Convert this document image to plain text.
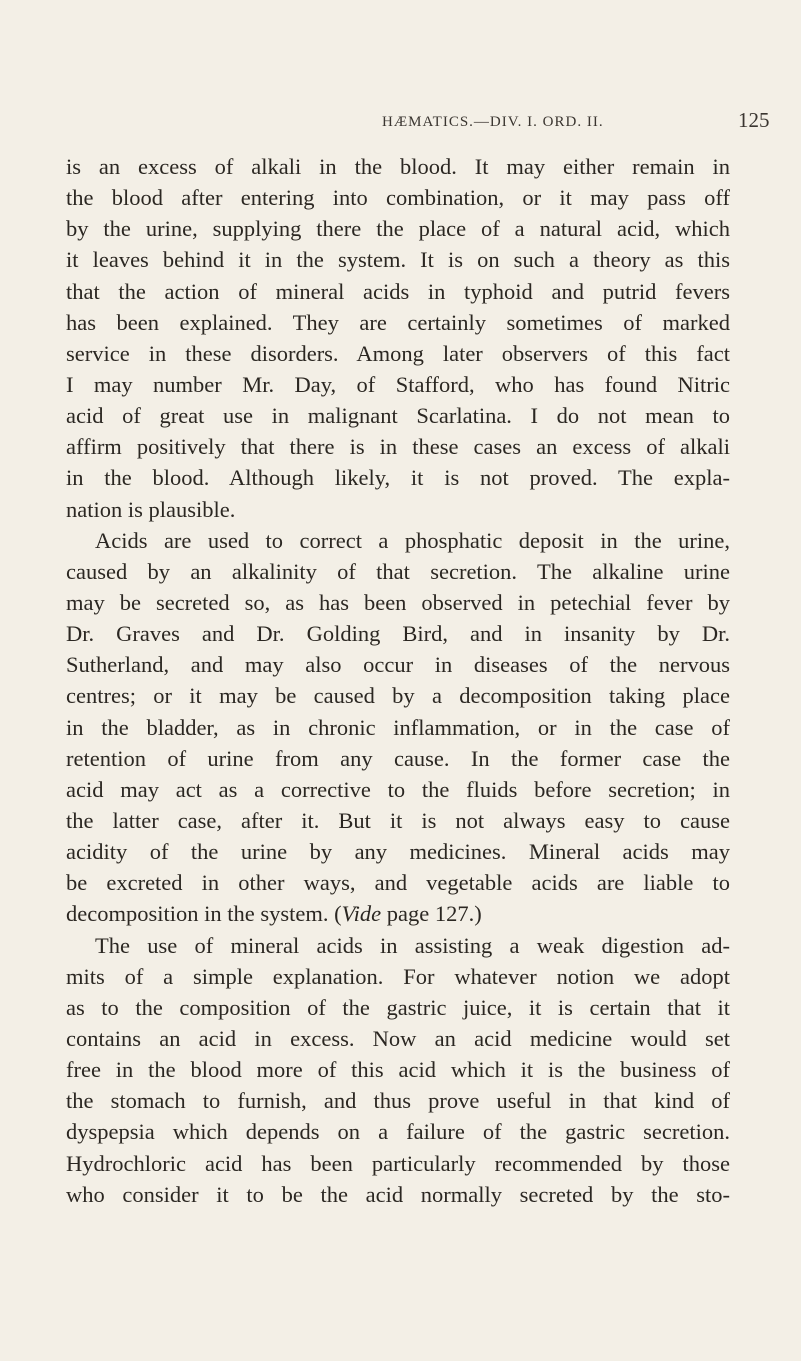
HÆMATICS.—DIV. I. ORD. II.	125
is an excess of alkali in the blood. It may either remain in
the blood after entering into combination, or it may pass off
by the urine, supplying there the place of a natural acid, which
it leaves behind it in the system. It is on such a theory as this
that the action of mineral acids in typhoid and putrid fevers
has been explained. They are certainly sometimes of marked
service in these disorders. Among later observers of this fact
I may number Mr. Day, of Stafford, who has found Nitric
acid of great use in malignant Scarlatina. I do not mean to
affirm positively that there is in these cases an excess of alkali
in the blood. Although likely, it is not proved. The expla-
nation is plausible.
Acids are used to correct a phosphatic deposit in the urine,
caused by an alkalinity of that secretion. The alkaline urine
may be secreted so, as has been observed in petechial fever by
Dr. Graves and Dr. Golding Bird, and in insanity by Dr.
Sutherland, and may also occur in diseases of the nervous
centres; or it may be caused by a decomposition taking place
in the bladder, as in chronic inflammation, or in the case of
retention of urine from any cause. In the former case the
acid may act as a corrective to the fluids before secretion; in
the latter case, after it. But it is not always easy to cause
acidity of the urine by any medicines. Mineral acids may
be excreted in other ways, and vegetable acids are liable to
decomposition in the system. (Vide page 127.)
The use of mineral acids in assisting a weak digestion ad-
mits of a simple explanation. For whatever notion we adopt
as to the composition of the gastric juice, it is certain that it
contains an acid in excess. Now an acid medicine would set
free in the blood more of this acid which it is the business of
the stomach to furnish, and thus prove useful in that kind of
dyspepsia which depends on a failure of the gastric secretion.
Hydrochloric acid has been particularly recommended by those
who consider it to be the acid normally secreted by the sto-
